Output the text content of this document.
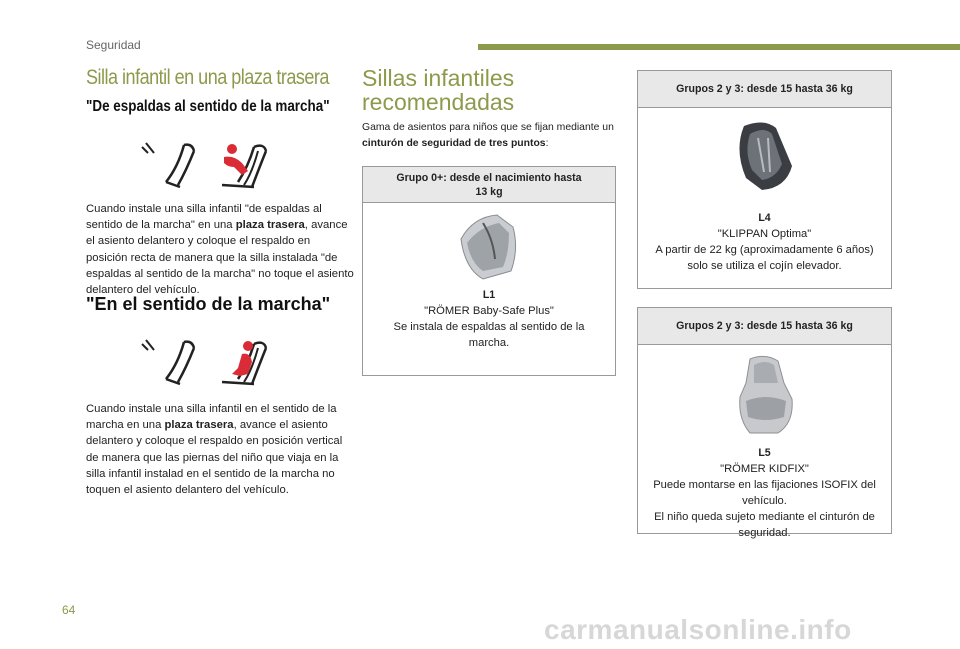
Seguridad
Silla infantil en una plaza trasera
"De espaldas al sentido de la marcha"

Cuando instale una silla infantil "de espaldas al sentido de la marcha" en una plaza trasera, avance el asiento delantero y coloque el respaldo en posición recta de manera que la silla instalada "de espaldas al sentido de la marcha" no toque el asiento delantero del vehículo.

"En el sentido de la marcha"

Cuando instale una silla infantil en el sentido de la marcha en una plaza trasera, avance el asiento delantero y coloque el respaldo en posición vertical de manera que las piernas del niño que viaja en la silla infantil instalad en el sentido de la marcha no toquen el asiento delantero del vehículo.

Sillas infantiles
recomendadas

Gama de asientos para niños que se fijan mediante un cinturón de seguridad de tres puntos:

Grupo 0+: desde el nacimiento hasta
13 kg
L1
"RÖMER Baby-Safe Plus"
Se instala de espaldas al sentido de la marcha.
Grupos 2 y 3: desde 15 hasta 36 kg
L4
"KLIPPAN Optima"
A partir de 22 kg (aproximadamente 6 años) solo se utiliza el cojín elevador.
Grupos 2 y 3: desde 15 hasta 36 kg
L5
"RÖMER KIDFIX"
Puede montarse en las fijaciones ISOFIX del vehículo.
El niño queda sujeto mediante el cinturón de seguridad.
64
carmanualsonline.info
